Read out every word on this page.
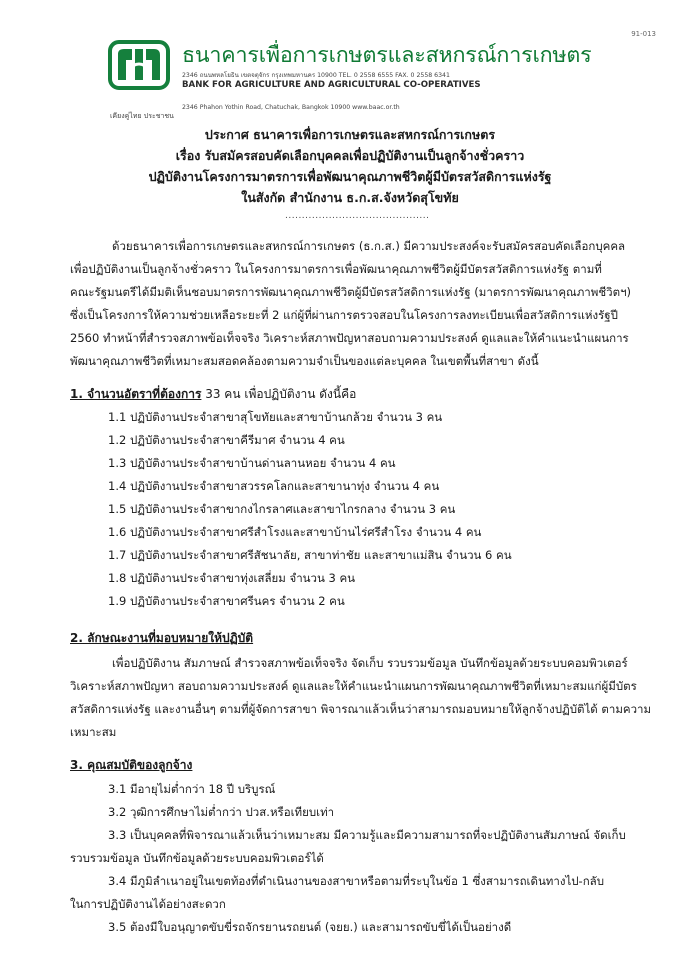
91-013
เคียงคู่ไทย ประชาชน
ธนาคารเพื่อการเกษตรและสหกรณ์การเกษตร
2346 ถนนพหลโยธิน เขตจตุจักร กรุงเทพมหานคร 10900 TEL. 0 2558 6555 FAX. 0 2558 6341
BANK FOR AGRICULTURE AND AGRICULTURAL CO-OPERATIVES
2346 Phahon Yothin Road, Chatuchak, Bangkok 10900 www.baac.or.th
ประกาศ ธนาคารเพื่อการเกษตรและสหกรณ์การเกษตร
เรื่อง รับสมัครสอบคัดเลือกบุคคลเพื่อปฏิบัติงานเป็นลูกจ้างชั่วคราว
ปฏิบัติงานโครงการมาตรการเพื่อพัฒนาคุณภาพชีวิตผู้มีบัตรสวัสดิการแห่งรัฐ
ในสังกัด สำนักงาน ธ.ก.ส.จังหวัดสุโขทัย
...........................................
ด้วยธนาคารเพื่อการเกษตรและสหกรณ์การเกษตร (ธ.ก.ส.) มีความประสงค์จะรับสมัครสอบคัดเลือกบุคคล
เพื่อปฏิบัติงานเป็นลูกจ้างชั่วคราว ในโครงการมาตรการเพื่อพัฒนาคุณภาพชีวิตผู้มีบัตรสวัสดิการแห่งรัฐ ตามที่
คณะรัฐมนตรีได้มีมติเห็นชอบมาตรการพัฒนาคุณภาพชีวิตผู้มีบัตรสวัสดิการแห่งรัฐ (มาตรการพัฒนาคุณภาพชีวิตฯ)
ซึ่งเป็นโครงการให้ความช่วยเหลือระยะที่ 2 แก่ผู้ที่ผ่านการตรวจสอบในโครงการลงทะเบียนเพื่อสวัสดิการแห่งรัฐปี
2560 ทำหน้าที่สำรวจสภาพข้อเท็จจริง วิเคราะห์สภาพปัญหาสอบถามความประสงค์ ดูแลและให้คำแนะนำแผนการ
พัฒนาคุณภาพชีวิตที่เหมาะสมสอดคล้องตามความจำเป็นของแต่ละบุคคล ในเขตพื้นที่สาขา ดังนี้
1. จำนวนอัตราที่ต้องการ 33 คน เพื่อปฏิบัติงาน ดังนี้คือ
1.1 ปฏิบัติงานประจำสาขาสุโขทัยและสาขาบ้านกล้วย จำนวน 3 คน
1.2 ปฏิบัติงานประจำสาขาคีรีมาศ จำนวน 4 คน
1.3 ปฏิบัติงานประจำสาขาบ้านด่านลานหอย จำนวน 4 คน
1.4 ปฏิบัติงานประจำสาขาสวรรคโลกและสาขานาทุ่ง จำนวน 4 คน
1.5 ปฏิบัติงานประจำสาขากงไกรลาศและสาขาไกรกลาง จำนวน 3 คน
1.6 ปฏิบัติงานประจำสาขาศรีสำโรงและสาขาบ้านไร่ศรีสำโรง จำนวน 4 คน
1.7 ปฏิบัติงานประจำสาขาศรีสัชนาลัย, สาขาท่าชัย และสาขาแม่สิน จำนวน 6 คน
1.8 ปฏิบัติงานประจำสาขาทุ่งเสลี่ยม จำนวน 3 คน
1.9 ปฏิบัติงานประจำสาขาศรีนคร จำนวน 2 คน
2. ลักษณะงานที่มอบหมายให้ปฏิบัติ
เพื่อปฏิบัติงาน สัมภาษณ์ สำรวจสภาพข้อเท็จจริง จัดเก็บ รวบรวมข้อมูล บันทึกข้อมูลด้วยระบบคอมพิวเตอร์
วิเคราะห์สภาพปัญหา สอบถามความประสงค์ ดูแลและให้คำแนะนำแผนการพัฒนาคุณภาพชีวิตที่เหมาะสมแก่ผู้มีบัตร
สวัสดิการแห่งรัฐ และงานอื่นๆ ตามที่ผู้จัดการสาขา พิจารณาแล้วเห็นว่าสามารถมอบหมายให้ลูกจ้างปฏิบัติได้ ตามความ
เหมาะสม
3. คุณสมบัติของลูกจ้าง
3.1 มีอายุไม่ต่ำกว่า 18 ปี บริบูรณ์
3.2 วุฒิการศึกษาไม่ต่ำกว่า ปวส.หรือเทียบเท่า
3.3 เป็นบุคคลที่พิจารณาแล้วเห็นว่าเหมาะสม มีความรู้และมีความสามารถที่จะปฏิบัติงานสัมภาษณ์ จัดเก็บ
รวบรวมข้อมูล บันทึกข้อมูลด้วยระบบคอมพิวเตอร์ได้
3.4 มีภูมิลำเนาอยู่ในเขตท้องที่ดำเนินงานของสาขาหรือตามที่ระบุในข้อ 1 ซึ่งสามารถเดินทางไป-กลับ
ในการปฏิบัติงานได้อย่างสะดวก
3.5 ต้องมีใบอนุญาตขับขี่รถจักรยานรถยนต์ (จยย.) และสามารถขับขี่ได้เป็นอย่างดี
